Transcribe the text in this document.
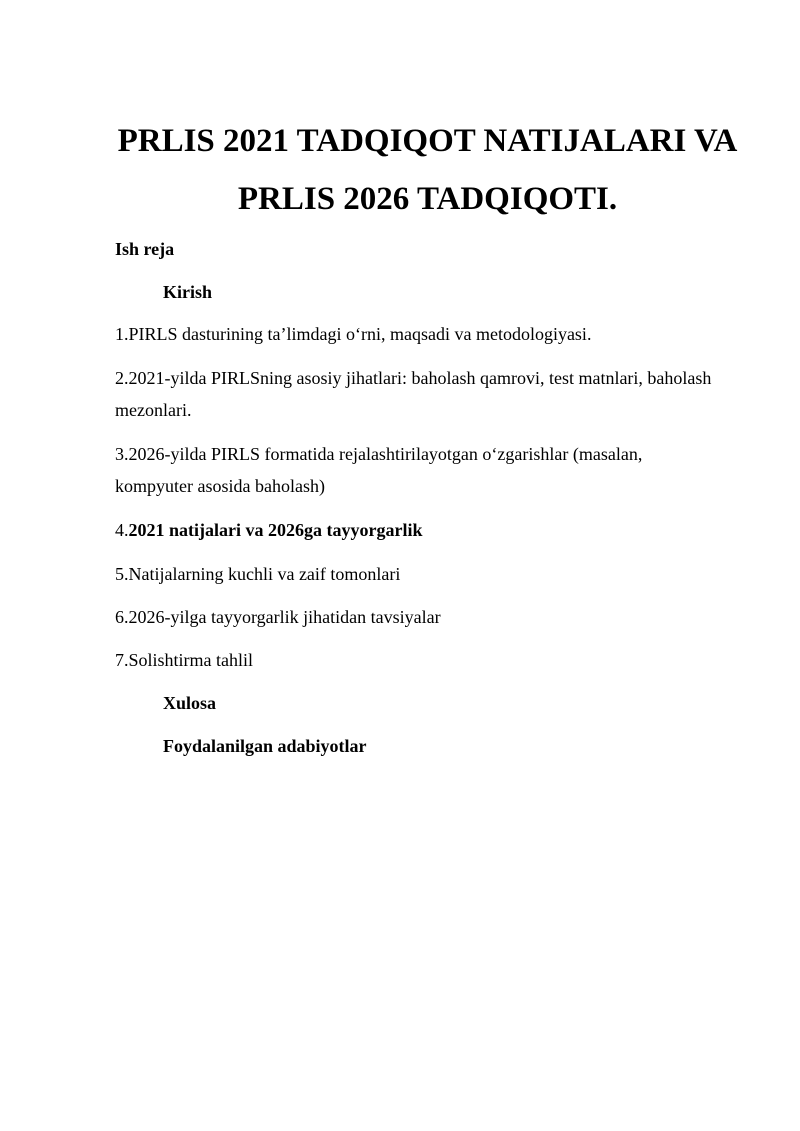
PRLIS 2021 TADQIQOT NATIJALARI VA
PRLIS 2026 TADQIQOTI.

Ish reja

Kirish

1.PIRLS dasturining ta’limdagi o‘rni, maqsadi va metodologiyasi.

2.2021-yilda PIRLSning asosiy jihatlari: baholash qamrovi, test matnlari, baholash

mezonlari.

3.2026-yilda PIRLS formatida rejalashtirilayotgan o‘zgarishlar (masalan,

kompyuter asosida baholash)

4.2021 natijalari va 2026ga tayyorgarlik

5.Natijalarning kuchli va zaif tomonlari

6.2026-yilga tayyorgarlik jihatidan tavsiyalar

7.Solishtirma tahlil

Xulosa

Foydalanilgan adabiyotlar
